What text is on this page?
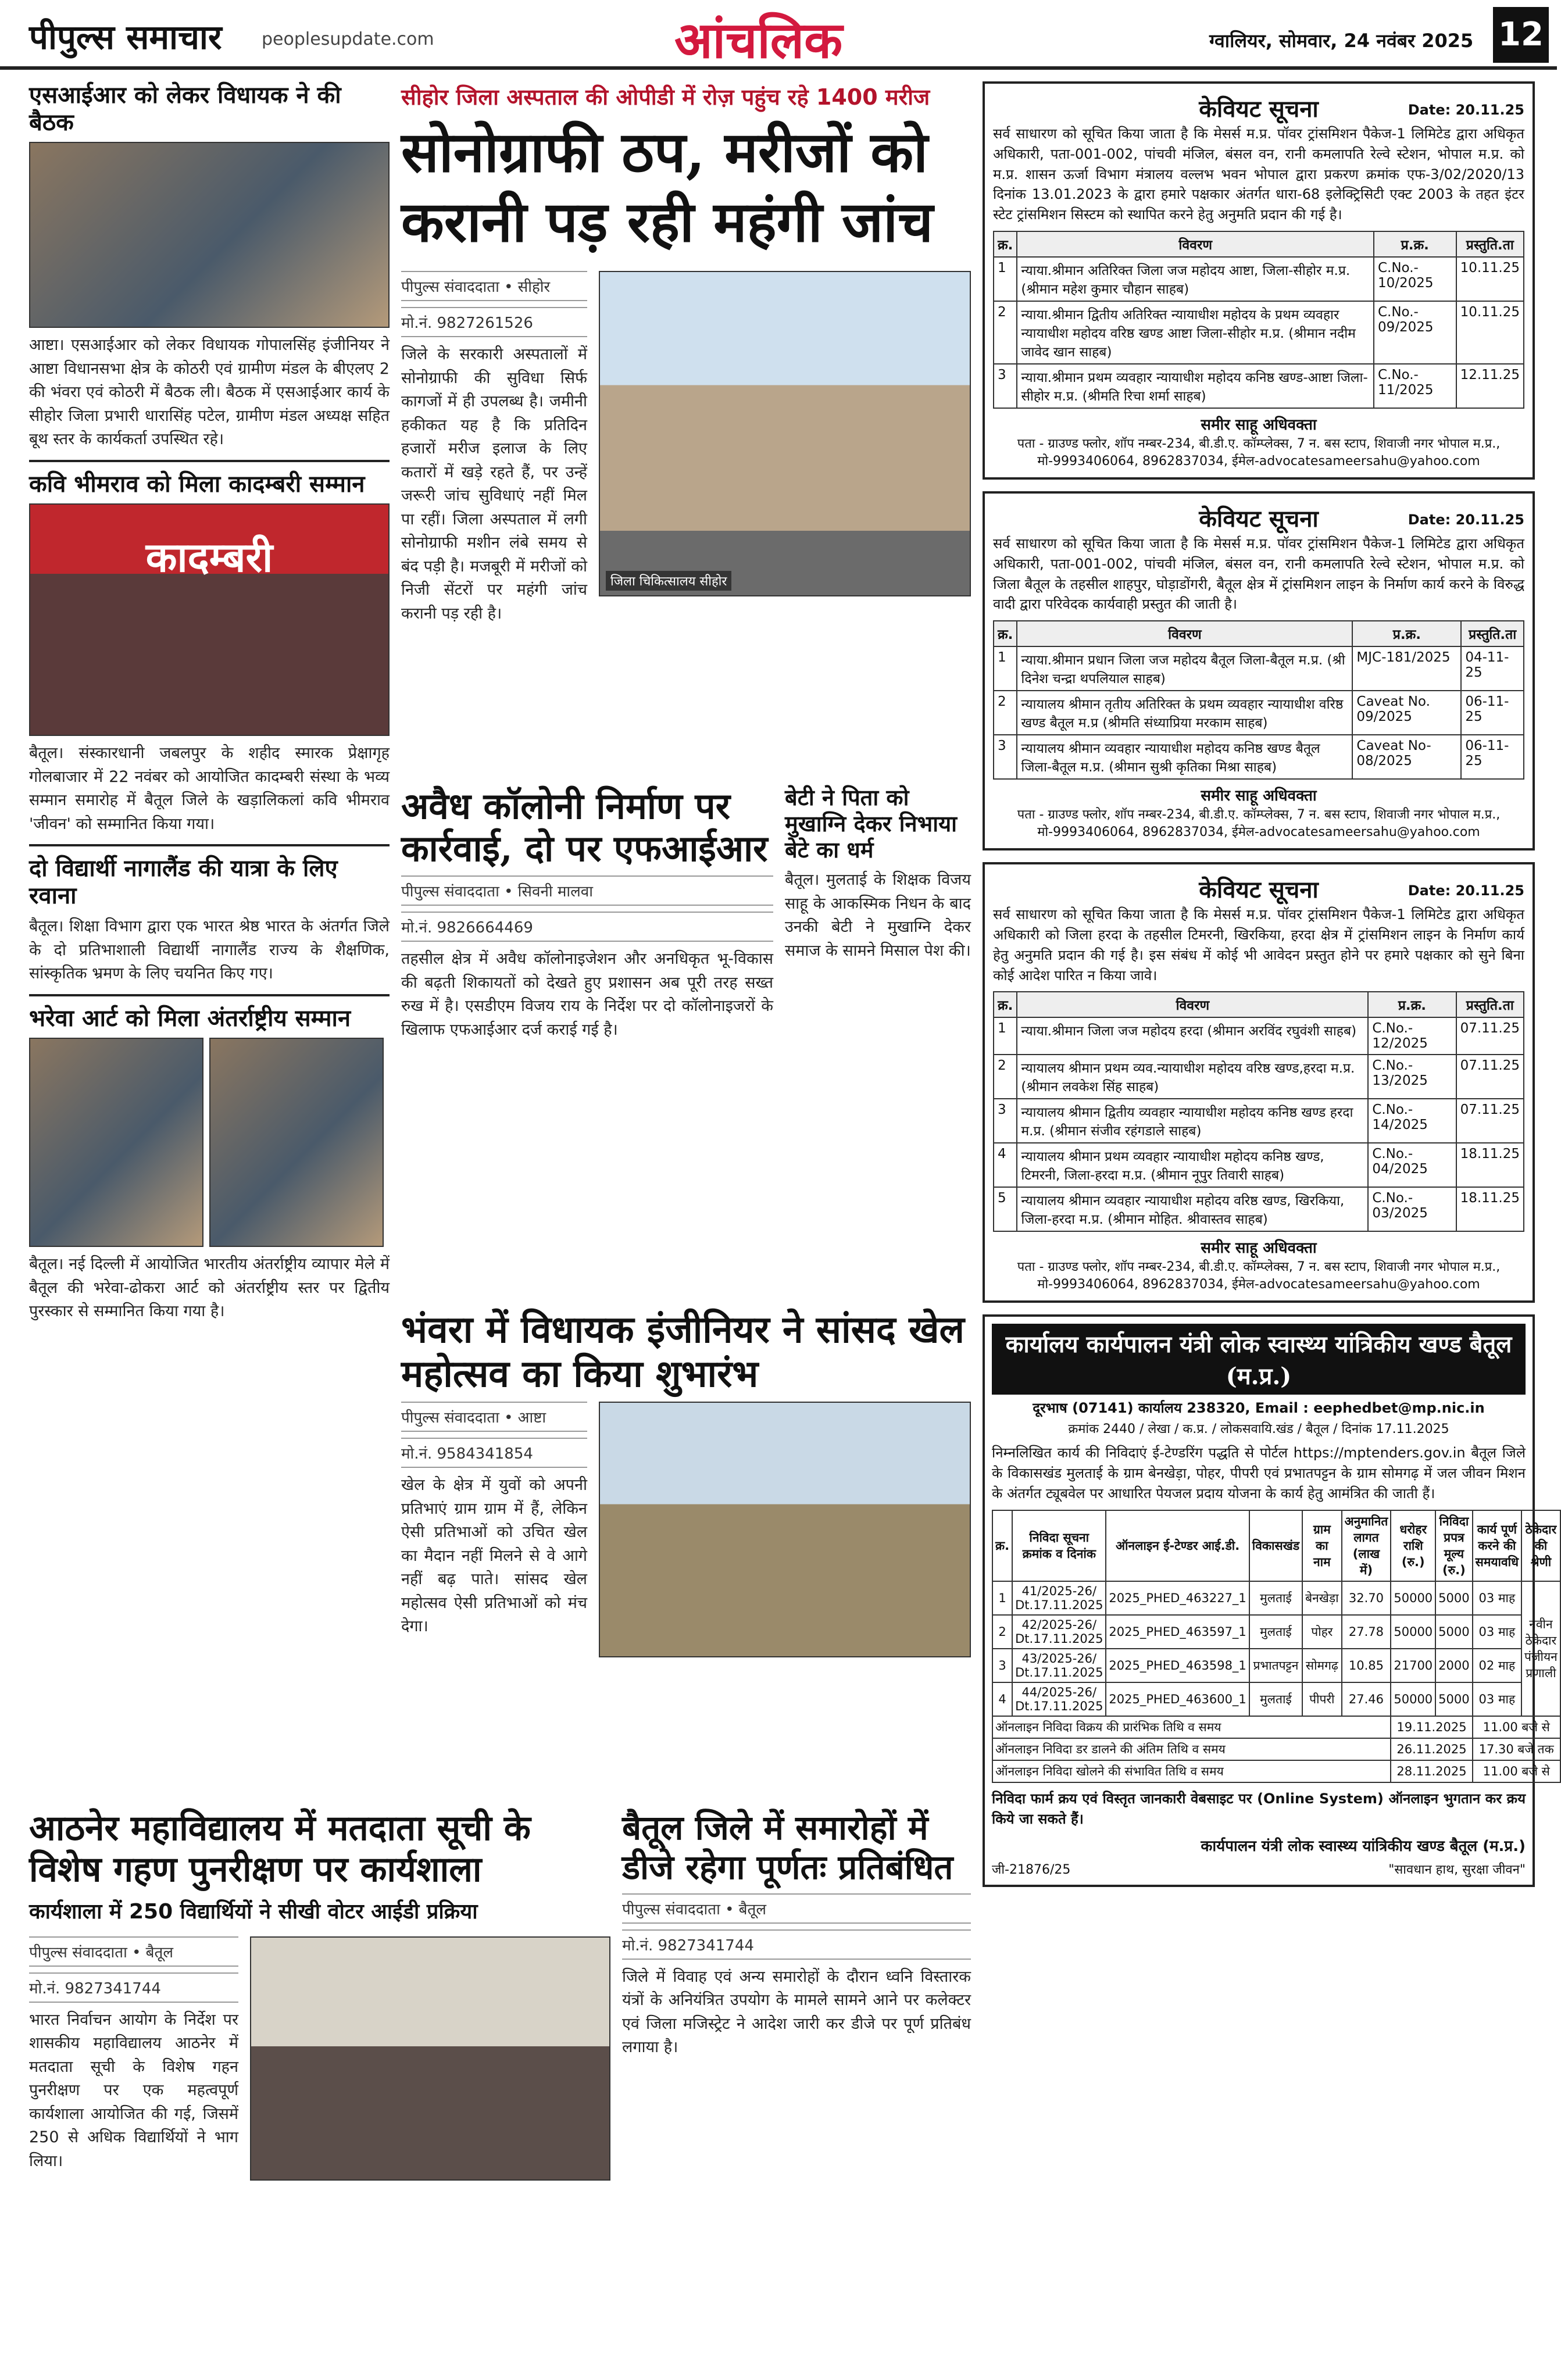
पीपुल्स समाचार peoplesupdate.com	आंचलिक	ग्वालियर, सोमवार, 24 नवंबर 2025 12
एसआईआर को लेकर विधायक ने की बैठक
आष्टा। एसआईआर को लेकर विधायक गोपालसिंह इंजीनियर ने आष्टा विधानसभा क्षेत्र के कोठरी एवं ग्रामीण मंडल के बीएलए 2 की भंवरा एवं कोठरी में बैठक ली। बैठक में एसआईआर कार्य के सीहोर जिला प्रभारी धारासिंह पटेल, ग्रामीण मंडल अध्यक्ष सहित बूथ स्तर के कार्यकर्ता उपस्थित रहे।
कवि भीमराव को मिला कादम्बरी सम्मान
कादम्बरी
बैतूल। संस्कारधानी जबलपुर के शहीद स्मारक प्रेक्षागृह गोलबाजार में 22 नवंबर को आयोजित कादम्बरी संस्था के भव्य सम्मान समारोह में बैतूल जिले के खड़ालिकलां कवि भीमराव 'जीवन' को सम्मानित किया गया।
दो विद्यार्थी नागालैंड की यात्रा के लिए रवाना
बैतूल। शिक्षा विभाग द्वारा एक भारत श्रेष्ठ भारत के अंतर्गत जिले के दो प्रतिभाशाली विद्यार्थी नागालैंड राज्य के शैक्षणिक, सांस्कृतिक भ्रमण के लिए चयनित किए गए।
भरेवा आर्ट को मिला अंतर्राष्ट्रीय सम्मान
बैतूल। नई दिल्ली में आयोजित भारतीय अंतर्राष्ट्रीय व्यापार मेले में बैतूल की भरेवा-ढोकरा आर्ट को अंतर्राष्ट्रीय स्तर पर द्वितीय पुरस्कार से सम्मानित किया गया है।
सीहोर जिला अस्पताल की ओपीडी में रोज़ पहुंच रहे 1400 मरीज
सोनोग्राफी ठप, मरीजों को करानी पड़ रही महंगी जांच
पीपुल्स संवाददाता • सीहोर
मो.नं. 9827261526
जिले के सरकारी अस्पतालों में सोनोग्राफी की सुविधा सिर्फ कागजों में ही उपलब्ध है। जमीनी हकीकत यह है कि प्रतिदिन हजारों मरीज इलाज के लिए कतारों में खड़े रहते हैं, पर उन्हें जरूरी जांच सुविधाएं नहीं मिल पा रहीं। जिला अस्पताल में लगी सोनोग्राफी मशीन लंबे समय से बंद पड़ी है। मजबूरी में मरीजों को निजी सेंटरों पर महंगी जांच करानी पड़ रही है।
जिला चिकित्सालय सीहोर
अवैध कॉलोनी निर्माण पर कार्रवाई, दो पर एफआईआर
पीपुल्स संवाददाता • सिवनी मालवा
मो.नं. 9826664469
तहसील क्षेत्र में अवैध कॉलोनाइजेशन और अनधिकृत भू-विकास की बढ़ती शिकायतों को देखते हुए प्रशासन अब पूरी तरह सख्त रुख में है। एसडीएम विजय राय के निर्देश पर दो कॉलोनाइजरों के खिलाफ एफआईआर दर्ज कराई गई है।
बेटी ने पिता को मुखाग्नि देकर निभाया बेटे का धर्म
बैतूल। मुलताई के शिक्षक विजय साहू के आकस्मिक निधन के बाद उनकी बेटी ने मुखाग्नि देकर समाज के सामने मिसाल पेश की।
भंवरा में विधायक इंजीनियर ने सांसद खेल महोत्सव का किया शुभारंभ
पीपुल्स संवाददाता • आष्टा
मो.नं. 9584341854
खेल के क्षेत्र में युवों को अपनी प्रतिभाएं ग्राम ग्राम में हैं, लेकिन ऐसी प्रतिभाओं को उचित खेल का मैदान नहीं मिलने से वे आगे नहीं बढ़ पाते। सांसद खेल महोत्सव ऐसी प्रतिभाओं को मंच देगा।
आठनेर महाविद्यालय में मतदाता सूची के विशेष गहण पुनरीक्षण पर कार्यशाला
कार्यशाला में 250 विद्यार्थियों ने सीखी वोटर आईडी प्रक्रिया
पीपुल्स संवाददाता • बैतूल
मो.नं. 9827341744
भारत निर्वाचन आयोग के निर्देश पर शासकीय महाविद्यालय आठनेर में मतदाता सूची के विशेष गहन पुनरीक्षण पर एक महत्वपूर्ण कार्यशाला आयोजित की गई, जिसमें 250 से अधिक विद्यार्थियों ने भाग लिया।
बैतूल जिले में समारोहों में डीजे रहेगा पूर्णतः प्रतिबंधित
पीपुल्स संवाददाता • बैतूल
मो.नं. 9827341744
जिले में विवाह एवं अन्य समारोहों के दौरान ध्वनि विस्तारक यंत्रों के अनियंत्रित उपयोग के मामले सामने आने पर कलेक्टर एवं जिला मजिस्ट्रेट ने आदेश जारी कर डीजे पर पूर्ण प्रतिबंध लगाया है।
केवियट सूचना	Date: 20.11.25
सर्व साधारण को सूचित किया जाता है कि मेसर्स म.प्र. पॉवर ट्रांसमिशन पैकेज-1 लिमिटेड द्वारा अधिकृत अधिकारी, पता-001-002, पांचवी मंजिल, बंसल वन, रानी कमलापति रेल्वे स्टेशन, भोपाल म.प्र. को म.प्र. शासन ऊर्जा विभाग मंत्रालय वल्लभ भवन भोपाल द्वारा प्रकरण क्रमांक एफ-3/02/2020/13 दिनांक 13.01.2023 के द्वारा हमारे पक्षकार अंतर्गत धारा-68 इलेक्ट्रिसिटी एक्ट 2003 के तहत इंटर स्टेट ट्रांसमिशन सिस्टम को स्थापित करने हेतु अनुमति प्रदान की गई है।
क्र.	विवरण	प्र.क्र.	प्रस्तुति.ता
1	न्याया.श्रीमान अतिरिक्त जिला जज महोदय आष्टा, जिला-सीहोर म.प्र. (श्रीमान महेश कुमार चौहान साहब)	C.No.- 10/2025	10.11.25
2	न्याया.श्रीमान द्वितीय अतिरिक्त न्यायाधीश महोदय के प्रथम व्यवहार न्यायाधीश महोदय वरिष्ठ खण्ड आष्टा जिला-सीहोर म.प्र. (श्रीमान नदीम जावेद खान साहब)	C.No.- 09/2025	10.11.25
3	न्याया.श्रीमान प्रथम व्यवहार न्यायाधीश महोदय कनिष्ठ खण्ड-आष्टा जिला-सीहोर म.प्र. (श्रीमति रिचा शर्मा साहब)	C.No.- 11/2025	12.11.25
समीर साहू अधिवक्ता
पता - ग्राउण्ड फ्लोर, शॉप नम्बर-234, बी.डी.ए. कॉम्प्लेक्स, 7 न. बस स्टाप, शिवाजी नगर भोपाल म.प्र., मो-9993406064, 8962837034, ईमेल-advocatesameersahu@yahoo.com
केवियट सूचना	Date: 20.11.25
सर्व साधारण को सूचित किया जाता है कि मेसर्स म.प्र. पॉवर ट्रांसमिशन पैकेज-1 लिमिटेड द्वारा अधिकृत अधिकारी, पता-001-002, पांचवी मंजिल, बंसल वन, रानी कमलापति रेल्वे स्टेशन, भोपाल म.प्र. को जिला बैतूल के तहसील शाहपुर, घोड़ाडोंगरी, बैतूल क्षेत्र में ट्रांसमिशन लाइन के निर्माण कार्य करने के विरुद्ध वादी द्वारा परिवेदक कार्यवाही प्रस्तुत की जाती है।
क्र.	विवरण	प्र.क्र.	प्रस्तुति.ता
1	न्याया.श्रीमान प्रधान जिला जज महोदय बैतूल जिला-बैतूल म.प्र. (श्री दिनेश चन्द्रा थपलियाल साहब)	MJC-181/2025	04-11-25
2	न्यायालय श्रीमान तृतीय अतिरिक्त के प्रथम व्यवहार न्यायाधीश वरिष्ठ खण्ड बैतूल म.प्र (श्रीमति संध्याप्रिया मरकाम साहब)	Caveat No. 09/2025	06-11-25
3	न्यायालय श्रीमान व्यवहार न्यायाधीश महोदय कनिष्ठ खण्ड बैतूल जिला-बैतूल म.प्र. (श्रीमान सुश्री कृतिका मिश्रा साहब)	Caveat No- 08/2025	06-11-25
समीर साहू अधिवक्ता
पता - ग्राउण्ड फ्लोर, शॉप नम्बर-234, बी.डी.ए. कॉम्प्लेक्स, 7 न. बस स्टाप, शिवाजी नगर भोपाल म.प्र., मो-9993406064, 8962837034, ईमेल-advocatesameersahu@yahoo.com
केवियट सूचना	Date: 20.11.25
सर्व साधारण को सूचित किया जाता है कि मेसर्स म.प्र. पॉवर ट्रांसमिशन पैकेज-1 लिमिटेड द्वारा अधिकृत अधिकारी को जिला हरदा के तहसील टिमरनी, खिरकिया, हरदा क्षेत्र में ट्रांसमिशन लाइन के निर्माण कार्य हेतु अनुमति प्रदान की गई है। इस संबंध में कोई भी आवेदन प्रस्तुत होने पर हमारे पक्षकार को सुने बिना कोई आदेश पारित न किया जावे।
क्र.	विवरण	प्र.क्र.	प्रस्तुति.ता
1	न्याया.श्रीमान जिला जज महोदय हरदा (श्रीमान अरविंद रघुवंशी साहब)	C.No.- 12/2025	07.11.25
2	न्यायालय श्रीमान प्रथम व्यव.न्यायाधीश महोदय वरिष्ठ खण्ड,हरदा म.प्र. (श्रीमान लवकेश सिंह साहब)	C.No.- 13/2025	07.11.25
3	न्यायालय श्रीमान द्वितीय व्यवहार न्यायाधीश महोदय कनिष्ठ खण्ड हरदा म.प्र. (श्रीमान संजीव रहंगडाले साहब)	C.No.- 14/2025	07.11.25
4	न्यायालय श्रीमान प्रथम व्यवहार न्यायाधीश महोदय कनिष्ठ खण्ड, टिमरनी, जिला-हरदा म.प्र. (श्रीमान नूपुर तिवारी साहब)	C.No.- 04/2025	18.11.25
5	न्यायालय श्रीमान व्यवहार न्यायाधीश महोदय वरिष्ठ खण्ड, खिरकिया, जिला-हरदा म.प्र. (श्रीमान मोहित. श्रीवास्तव साहब)	C.No.- 03/2025	18.11.25
समीर साहू अधिवक्ता
पता - ग्राउण्ड फ्लोर, शॉप नम्बर-234, बी.डी.ए. कॉम्प्लेक्स, 7 न. बस स्टाप, शिवाजी नगर भोपाल म.प्र., मो-9993406064, 8962837034, ईमेल-advocatesameersahu@yahoo.com
कार्यालय कार्यपालन यंत्री लोक स्वास्थ्य यांत्रिकीय खण्ड बैतूल (म.प्र.)
दूरभाष (07141) कार्यालय 238320, Email : eephedbet@mp.nic.in
क्रमांक 2440 / लेखा / क.प्र. / लोकसवायि.खंड / बैतूल / दिनांक 17.11.2025
निम्नलिखित कार्य की निविदाएं ई-टेण्डरिंग पद्धति से पोर्टल https://mptenders.gov.in बैतूल जिले के विकासखंड मुलताई के ग्राम बेनखेड़ा, पोहर, पीपरी एवं प्रभातपट्टन के ग्राम सोमगढ़ में जल जीवन मिशन के अंतर्गत ट्यूबवेल पर आधारित पेयजल प्रदाय योजना के कार्य हेतु आमंत्रित की जाती हैं।
क्र.	निविदा सूचना क्रमांक व दिनांक	ऑनलाइन ई-टेण्डर आई.डी.	विकासखंड	ग्राम का नाम	अनुमानित लागत (लाख में)	धरोहर राशि (रु.)	निविदा प्रपत्र मूल्य (रु.)	कार्य पूर्ण करने की समयावधि	ठेकेदार की श्रेणी
1	41/2025-26/ Dt.17.11.2025	2025_PHED_463227_1	मुलताई	बेनखेड़ा	32.70	50000	5000	03 माह	नवीन ठेकेदार पंजीयन प्रणाली
2	42/2025-26/ Dt.17.11.2025	2025_PHED_463597_1	मुलताई	पोहर	27.78	50000	5000	03 माह	
3	43/2025-26/ Dt.17.11.2025	2025_PHED_463598_1	प्रभातपट्टन	सोमगढ़	10.85	21700	2000	02 माह	
4	44/2025-26/ Dt.17.11.2025	2025_PHED_463600_1	मुलताई	पीपरी	27.46	50000	5000	03 माह	
ऑनलाइन निविदा विक्रय की प्रारंभिक तिथि व समय						19.11.2025		11.00 बजे से	
ऑनलाइन निविदा डर डालने की अंतिम तिथि व समय						26.11.2025		17.30 बजे तक	
ऑनलाइन निविदा खोलने की संभावित तिथि व समय						28.11.2025		11.00 बजे से	
निविदा फार्म क्रय एवं विस्तृत जानकारी वेबसाइट पर (Online System) ऑनलाइन भुगतान कर क्रय किये जा सकते हैं।
कार्यपालन यंत्री लोक स्वास्थ्य यांत्रिकीय खण्ड बैतूल (म.प्र.)
जी-21876/25	"सावधान हाथ, सुरक्षा जीवन"
